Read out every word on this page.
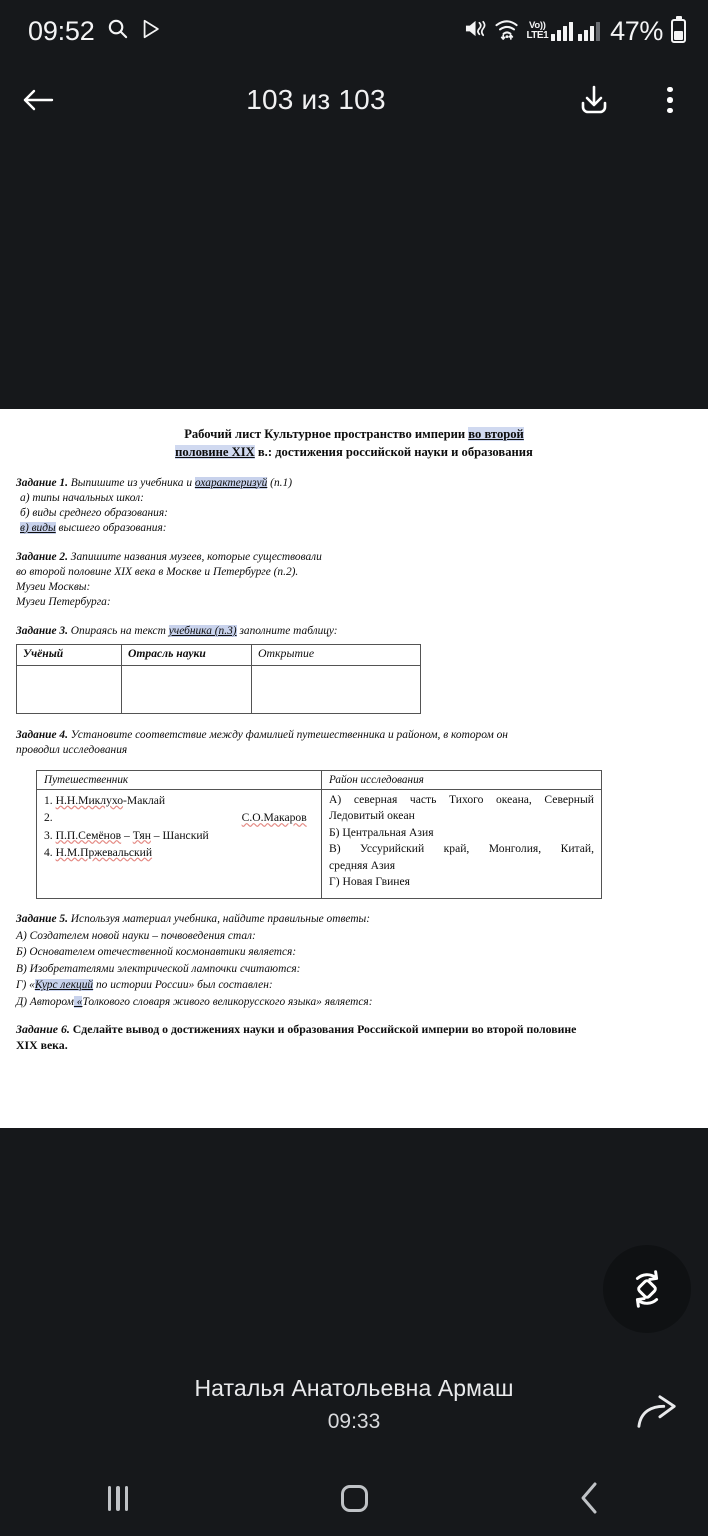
09:52	Vo))
LTE1 47%
103 из 103
Рабочий лист Культурное пространство империи во второй
половине XIX в.: достижения российской науки и образования
Задание 1. Выпишите из учебника и охарактеризуй (п.1)
а) типы начальных школ:
б) виды среднего образования:
в) виды высшего образования:
Задание 2. Запишите названия музеев, которые существовали
во второй половине XIX века в Москве и Петербурге (п.2).
Музеи Москвы:
Музеи Петербурга:
Задание 3. Опираясь на текст учебника (п.3) заполните таблицу:
Учёный	Отрасль науки	Открытие

Задание 4. Установите соответствие между фамилией путешественника и районом, в котором он
проводил исследования
Путешественник	Район исследования

1. Н.Н.Миклухо-Маклай
2.	С.О.Макаров
3. П.П.Семёнов – Тян – Шанский
4. Н.М.Пржевальский

А) северная часть Тихого океана, Северный
Ледовитый океан
Б) Центральная Азия
В) Уссурийский край, Монголия, Китай,
средняя Азия
Г) Новая Гвинея
Задание 5. Используя материал учебника, найдите правильные ответы:
А) Создателем новой науки – почвоведения стал:
Б) Основателем отечественной космонавтики является:
В) Изобретателями электрической лампочки считаются:
Г) «Курс лекций по истории России» был составлен:
Д) Автором «Толкового словаря живого великорусского языка» является:
Задание 6. Сделайте вывод о достижениях науки и образования Российской империи во второй половине
XIX века.
Наталья Анатольевна Армаш
09:33
